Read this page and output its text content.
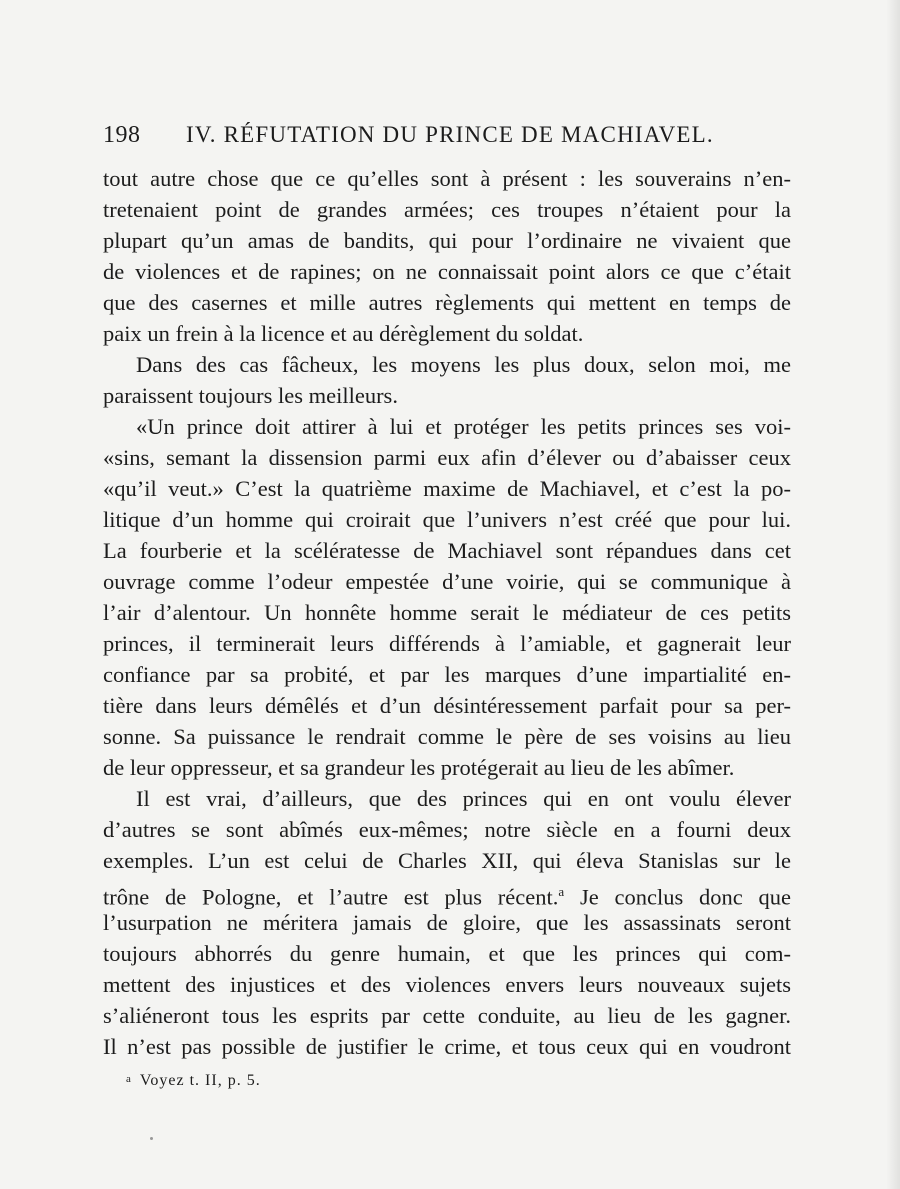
198 IV. RÉFUTATION DU PRINCE DE MACHIAVEL.
tout autre chose que ce qu’elles sont à présent : les souverains n’en-
tretenaient point de grandes armées; ces troupes n’étaient pour la
plupart qu’un amas de bandits, qui pour l’ordinaire ne vivaient que
de violences et de rapines; on ne connaissait point alors ce que c’était
que des casernes et mille autres règlements qui mettent en temps de
paix un frein à la licence et au dérèglement du soldat.
Dans des cas fâcheux, les moyens les plus doux, selon moi, me
paraissent toujours les meilleurs.
«Un prince doit attirer à lui et protéger les petits princes ses voi-
«sins, semant la dissension parmi eux afin d’élever ou d’abaisser ceux
«qu’il veut.» C’est la quatrième maxime de Machiavel, et c’est la po-
litique d’un homme qui croirait que l’univers n’est créé que pour lui.
La fourberie et la scélératesse de Machiavel sont répandues dans cet
ouvrage comme l’odeur empestée d’une voirie, qui se communique à
l’air d’alentour. Un honnête homme serait le médiateur de ces petits
princes, il terminerait leurs différends à l’amiable, et gagnerait leur
confiance par sa probité, et par les marques d’une impartialité en-
tière dans leurs démêlés et d’un désintéressement parfait pour sa per-
sonne. Sa puissance le rendrait comme le père de ses voisins au lieu
de leur oppresseur, et sa grandeur les protégerait au lieu de les abîmer.
Il est vrai, d’ailleurs, que des princes qui en ont voulu élever
d’autres se sont abîmés eux-mêmes; notre siècle en a fourni deux
exemples. L’un est celui de Charles XII, qui éleva Stanislas sur le
trône de Pologne, et l’autre est plus récent.$^a$ Je conclus donc que
l’usurpation ne méritera jamais de gloire, que les assassinats seront
toujours abhorrés du genre humain, et que les princes qui com-
mettent des injustices et des violences envers leurs nouveaux sujets
s’aliéneront tous les esprits par cette conduite, au lieu de les gagner.
Il n’est pas possible de justifier le crime, et tous ceux qui en voudront
a Voyez t. II, p. 5.
